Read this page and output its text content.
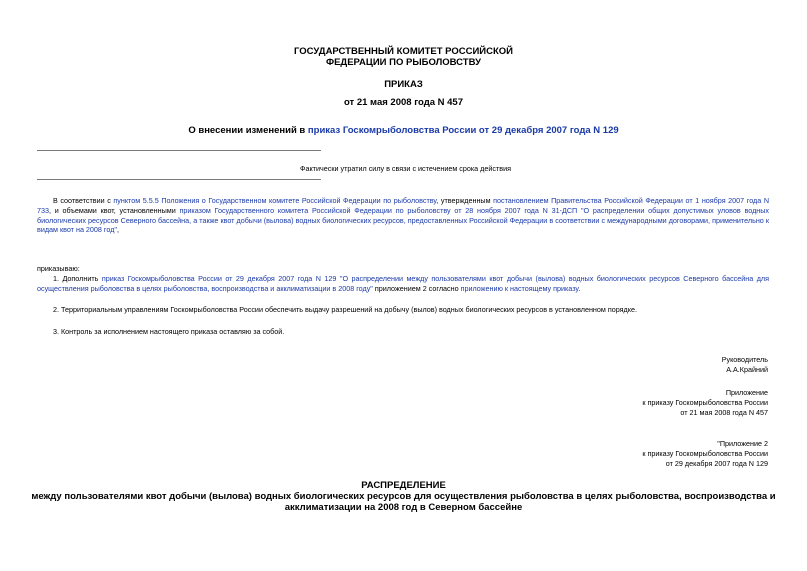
ГОСУДАРСТВЕННЫЙ КОМИТЕТ РОССИЙСКОЙ
ФЕДЕРАЦИИ ПО РЫБОЛОВСТВУ
ПРИКАЗ
от 21 мая 2008 года N 457
О внесении изменений в приказ Госкомрыболовства России от 29 декабря 2007 года N 129
Фактически утратил силу в связи с истечением срока действия
В соответствии с пунктом 5.5.5 Положения о Государственном комитете Российской Федерации по рыболовству, утвержденным постановлением Правительства Российской Федерации от 1 ноября 2007 года N 733, и объемами квот, установленными приказом Государственного комитета Российской Федерации по рыболовству от 28 ноября 2007 года N 31-ДСП "О распределении общих допустимых уловов водных биологических ресурсов Северного бассейна, а также квот добычи (вылова) водных биологических ресурсов, предоставленных Российской Федерации в соответствии с международными договорами, применительно к видам квот на 2008 год",
приказываю:
1. Дополнить приказ Госкомрыболовства России от 29 декабря 2007 года N 129 "О распределении между пользователями квот добычи (вылова) водных биологических ресурсов Северного бассейна для осуществления рыболовства в целях рыболовства, воспроизводства и акклиматизации в 2008 году" приложением 2 согласно приложению к настоящему приказу.
2. Территориальным управлениям Госкомрыболовства России обеспечить выдачу разрешений на добычу (вылов) водных биологических ресурсов в установленном порядке.
3. Контроль за исполнением настоящего приказа оставляю за собой.
Руководитель
А.А.Крайний
Приложение
к приказу Госкомрыболовства России
от 21 мая 2008 года N 457
"Приложение 2
к приказу Госкомрыболовства России
от 29 декабря 2007 года N 129
РАСПРЕДЕЛЕНИЕ
между пользователями квот добычи (вылова) водных биологических ресурсов для осуществления рыболовства в целях рыболовства, воспроизводства и
акклиматизации на 2008 год в Северном бассейне
